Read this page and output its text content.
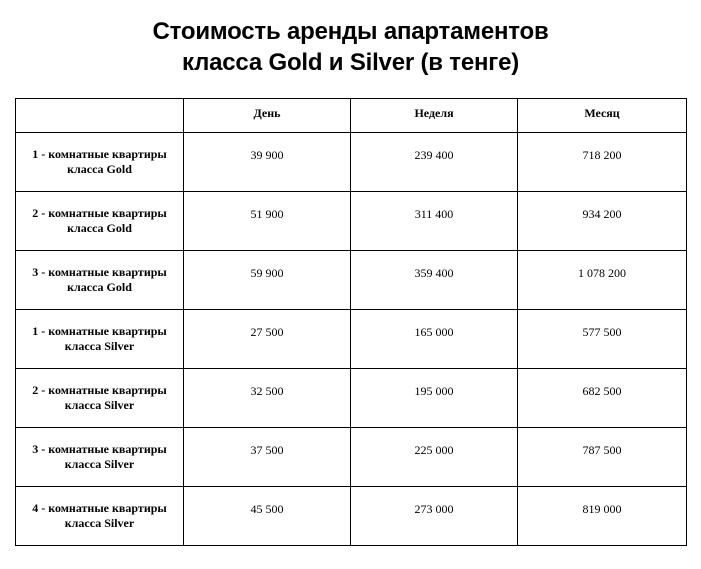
Стоимость аренды апартаментов
класса Gold и Silver (в тенге)
	День	Неделя	Месяц

1 - комнатные квартиры
класса Gold	39 900	239 400	718 200

2 - комнатные квартиры
класса Gold	51 900	311 400	934 200

3 - комнатные квартиры
класса Gold	59 900	359 400	1 078 200

1 - комнатные квартиры
класса Silver	27 500	165 000	577 500

2 - комнатные квартиры
класса Silver	32 500	195 000	682 500

3 - комнатные квартиры
класса Silver	37 500	225 000	787 500

4 - комнатные квартиры
класса Silver	45 500	273 000	819 000
